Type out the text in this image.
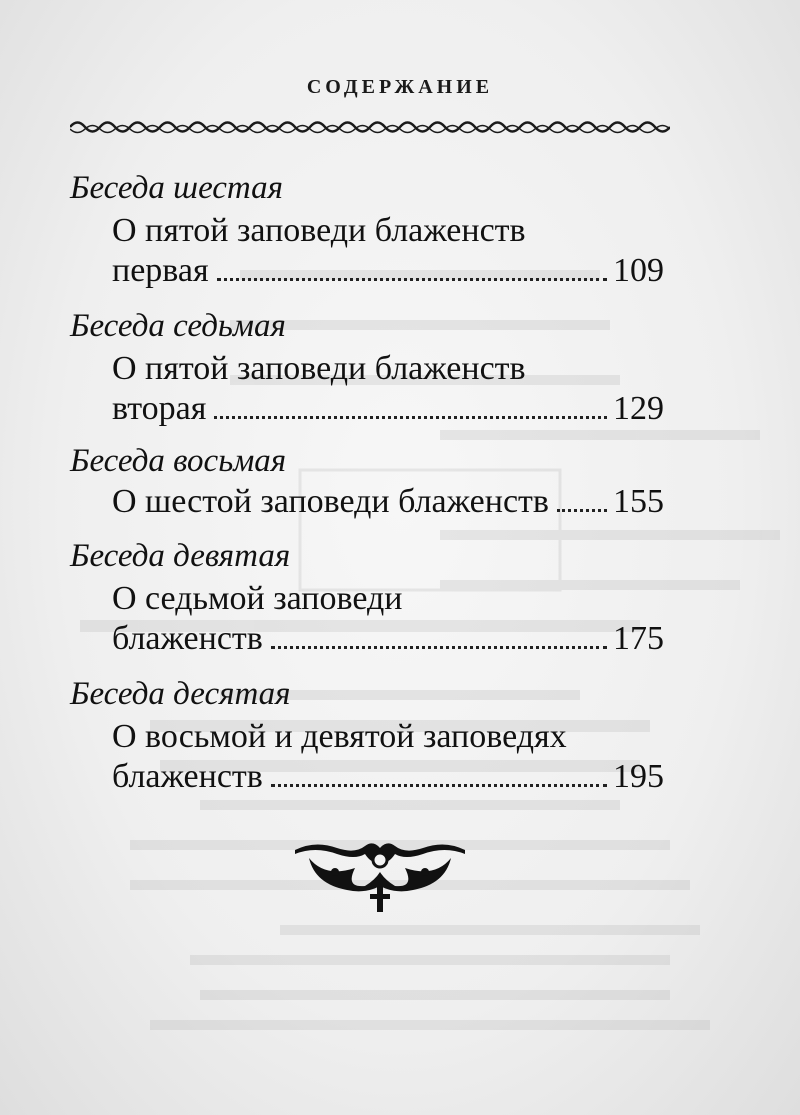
СОДЕРЖАНИЕ
Беседа шестая
О пятой заповеди блаженств
первая	109
Беседа седьмая
О пятой заповеди блаженств
вторая	129
Беседа восьмая
О шестой заповеди блаженств 155
Беседа девятая
О седьмой заповеди
блаженств	175
Беседа десятая
О восьмой и девятой заповедях
блаженств	195
